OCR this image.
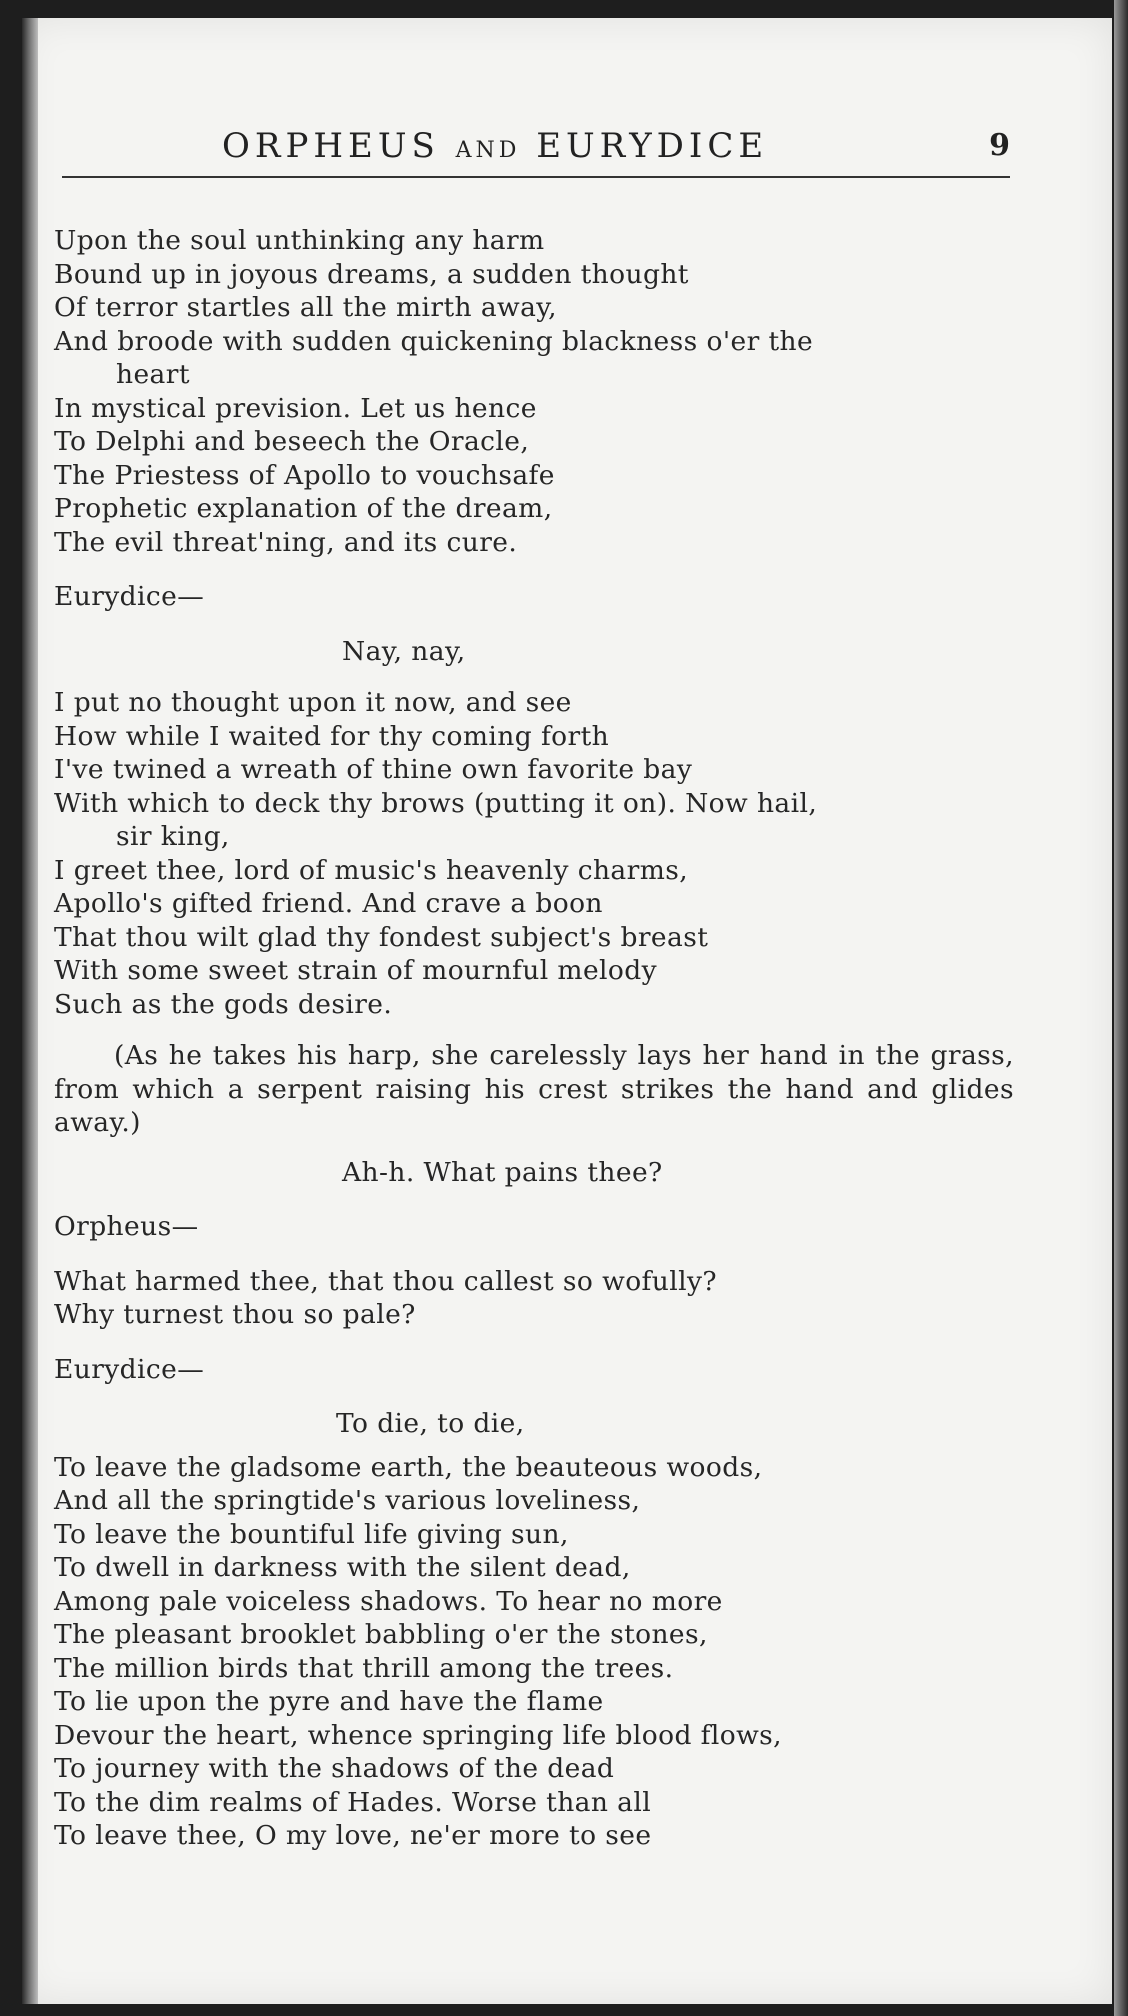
ORPHEUS AND EURYDICE	9
Upon the soul unthinking any harm
Bound up in joyous dreams, a sudden thought
Of terror startles all the mirth away,
And broode with sudden quickening blackness o'er the
heart
In mystical prevision. Let us hence
To Delphi and beseech the Oracle,
The Priestess of Apollo to vouchsafe
Prophetic explanation of the dream,
The evil threat'ning, and its cure.
Eurydice—
Nay, nay,
I put no thought upon it now, and see
How while I waited for thy coming forth
I've twined a wreath of thine own favorite bay
With which to deck thy brows (putting it on). Now hail,
sir king,
I greet thee, lord of music's heavenly charms,
Apollo's gifted friend. And crave a boon
That thou wilt glad thy fondest subject's breast
With some sweet strain of mournful melody
Such as the gods desire.
(As he takes his harp, she carelessly lays her hand in the grass, from which a serpent raising his crest strikes the hand and glides away.)
Ah-h. What pains thee?
Orpheus—
What harmed thee, that thou callest so wofully?
Why turnest thou so pale?
Eurydice—
To die, to die,
To leave the gladsome earth, the beauteous woods,
And all the springtide's various loveliness,
To leave the bountiful life giving sun,
To dwell in darkness with the silent dead,
Among pale voiceless shadows. To hear no more
The pleasant brooklet babbling o'er the stones,
The million birds that thrill among the trees.
To lie upon the pyre and have the flame
Devour the heart, whence springing life blood flows,
To journey with the shadows of the dead
To the dim realms of Hades. Worse than all
To leave thee, O my love, ne'er more to see
